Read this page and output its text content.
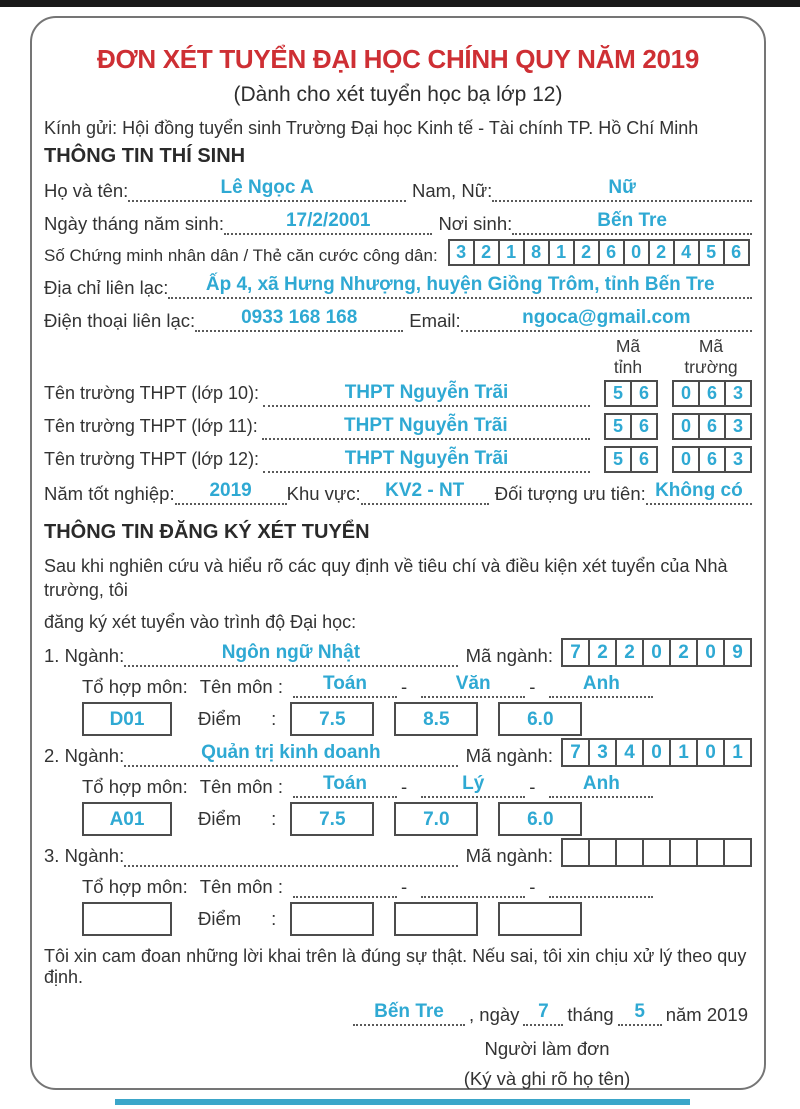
ĐƠN XÉT TUYỂN ĐẠI HỌC CHÍNH QUY NĂM 2019
(Dành cho xét tuyển học bạ lớp 12)
Kính gửi: Hội đồng tuyển sinh Trường Đại học Kinh tế - Tài chính TP. Hồ Chí Minh
THÔNG TIN THÍ SINH
Họ và tên:	Lê Ngọc A	Nam, Nữ:	Nữ
Ngày tháng năm sinh:	17/2/2001	Nơi sinh:	Bến Tre
Số Chứng minh nhân dân / Thẻ căn cước công dân:	3 2 1 8 1 2 6 0 2 4 5 6
Địa chỉ liên lạc:	Ấp 4, xã Hưng Nhượng, huyện Giồng Trôm, tỉnh Bến Tre
Điện thoại liên lạc:	0933 168 168	Email:	ngoca@gmail.com
Mã tỉnh
Mã trường
Tên trường THPT (lớp 10):	THPT Nguyễn Trãi	5 6	0 6 3
Tên trường THPT (lớp 11):	THPT Nguyễn Trãi	5 6	0 6 3
Tên trường THPT (lớp 12):	THPT Nguyễn Trãi	5 6	0 6 3
Năm tốt nghiệp:	2019	Khu vực:	KV2 - NT	Đối tượng ưu tiên: Không có
THÔNG TIN ĐĂNG KÝ XÉT TUYỂN
Sau khi nghiên cứu và hiểu rõ các quy định về tiêu chí và điều kiện xét tuyển của Nhà trường, tôi
đăng ký xét tuyển vào trình độ Đại học:
1. Ngành:	Ngôn ngữ Nhật	Mã ngành: 7 2 2 0 2 0 9
Tổ hợp môn: Tên môn :	Toán	-	Văn	-	Anh
D01	Điểm :	7.5	8.5	6.0
2. Ngành:	Quản trị kinh doanh	Mã ngành: 7 3 4 0 1 0 1
Tổ hợp môn: Tên môn :	Toán	-	Lý	-	Anh
A01	Điểm :	7.5	7.0	6.0
3. Ngành:	Mã ngành:
Tổ hợp môn: Tên môn :	-	-
Điểm :
Tôi xin cam đoan những lời khai trên là đúng sự thật. Nếu sai, tôi xin chịu xử lý theo quy định.
Bến Tre	, ngày 7	tháng	5	năm 2019
Người làm đơn
(Ký và ghi rõ họ tên)
